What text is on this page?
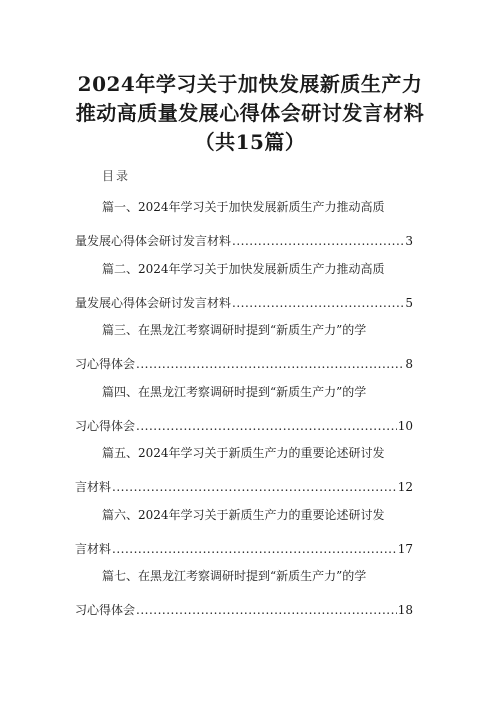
2024年学习关于加快发展新质生产力推动高质量发展心得体会研讨发言材料（共15篇）
目录
篇一、2024年学习关于加快发展新质生产力推动高质
量发展心得体会研讨发言材料 .....	3
篇二、2024年学习关于加快发展新质生产力推动高质
量发展心得体会研讨发言材料 .....	5
篇三、在黑龙江考察调研时提到“新质生产力”的学
习心得体会 .....	8
篇四、在黑龙江考察调研时提到“新质生产力”的学
习心得体会 .....	10
篇五、2024年学习关于新质生产力的重要论述研讨发
言材料 .....	12
篇六、2024年学习关于新质生产力的重要论述研讨发
言材料 .....	17
篇七、在黑龙江考察调研时提到“新质生产力”的学
习心得体会 .....	18
